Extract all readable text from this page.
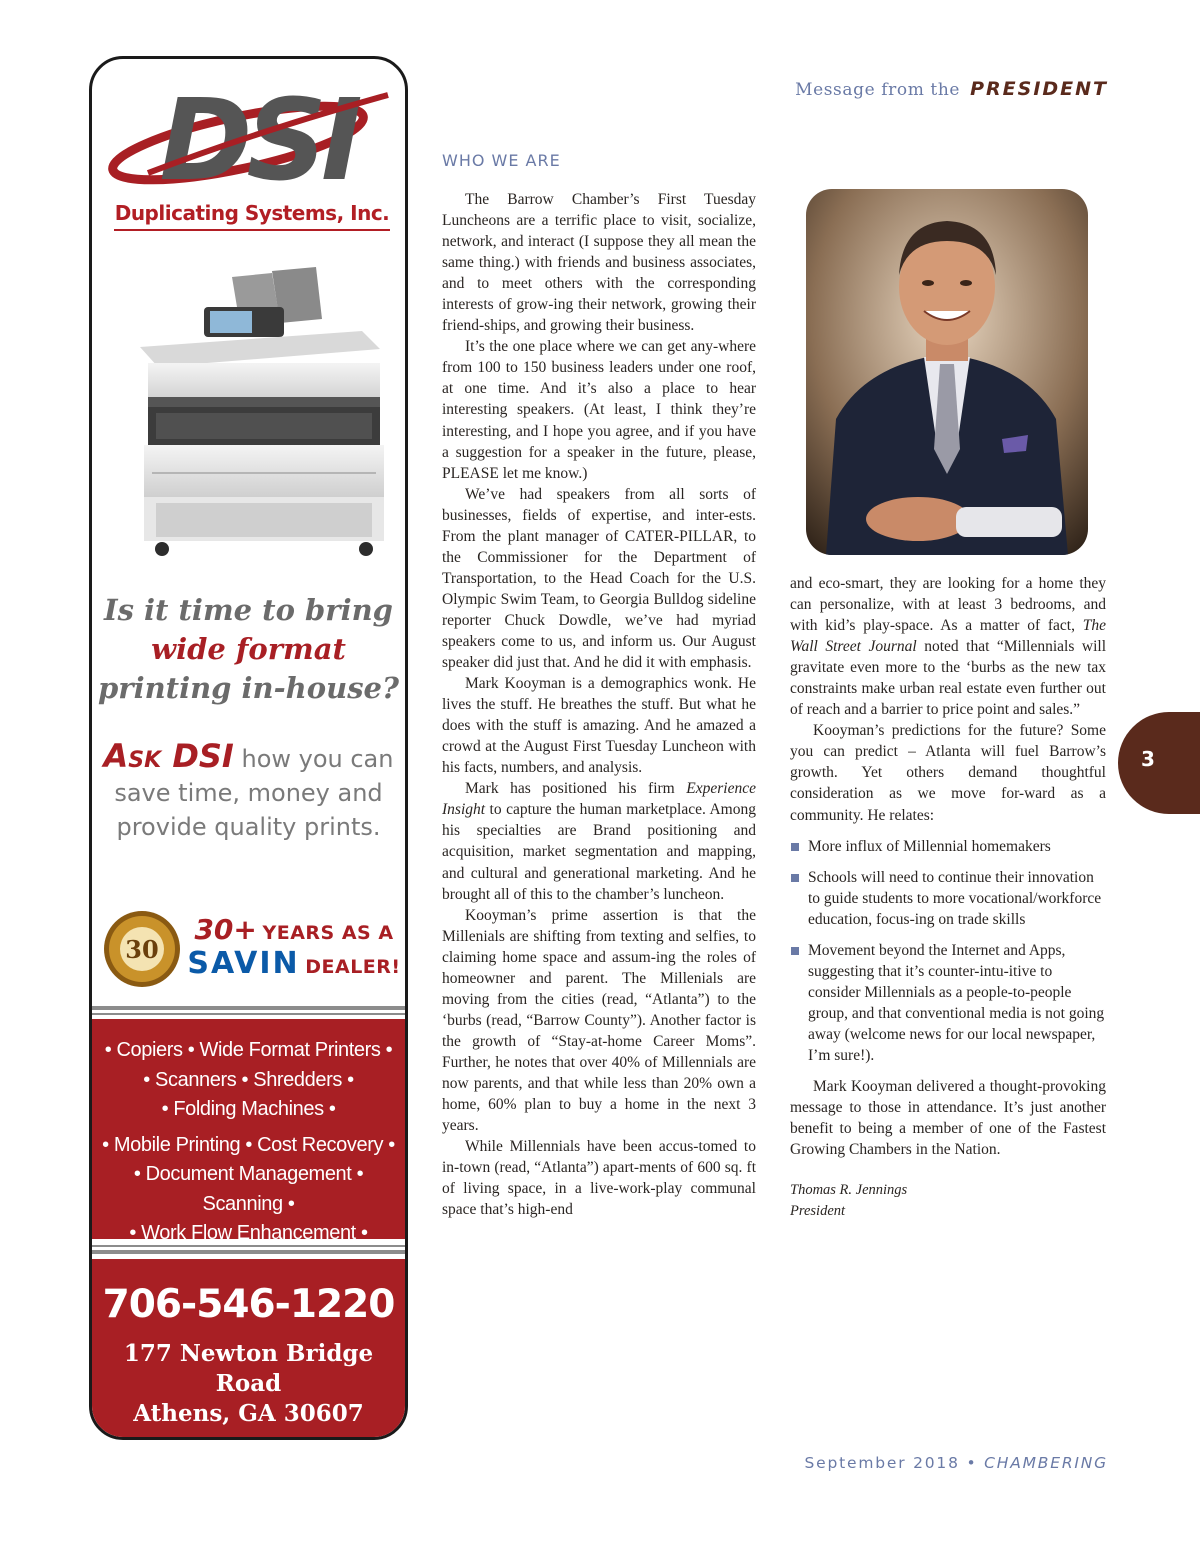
Message from the PRESIDENT
DSI
Duplicating Systems, Inc.
Is it time to bring
wide format
printing in-house?
Ask DSI how you can save time, money and provide quality prints.
30
30+ YEARS AS A
SAVIN DEALER!
• Copiers • Wide Format Printers •
• Scanners • Shredders •
• Folding Machines •
• Mobile Printing • Cost Recovery •
• Document Management • Scanning •
• Work Flow Enhancement •
706-546-1220
177 Newton Bridge Road
Athens, GA 30607
WHO WE ARE

The Barrow Chamber’s First Tuesday Luncheons are a terrific place to visit, socialize, network, and interact (I suppose they all mean the same thing.) with friends and business associates, and to meet others with the corresponding interests of grow-ing their network, growing their friend-ships, and growing their business.

It’s the one place where we can get any-where from 100 to 150 business leaders under one roof, at one time. And it’s also a place to hear interesting speakers. (At least, I think they’re interesting, and I hope you agree, and if you have a suggestion for a speaker in the future, please, PLEASE let me know.)

We’ve had speakers from all sorts of businesses, fields of expertise, and inter-ests. From the plant manager of CATER-PILLAR, to the Commissioner for the Department of Transportation, to the Head Coach for the U.S. Olympic Swim Team, to Georgia Bulldog sideline reporter Chuck Dowdle, we’ve had myriad speakers come to us, and inform us. Our August speaker did just that. And he did it with emphasis.

Mark Kooyman is a demographics wonk. He lives the stuff. He breathes the stuff. But what he does with the stuff is amazing. And he amazed a crowd at the August First Tuesday Luncheon with his facts, numbers, and analysis.

Mark has positioned his firm Experience Insight to capture the human marketplace. Among his specialties are Brand positioning and acquisition, market segmentation and mapping, and cultural and generational marketing. And he brought all of this to the chamber’s luncheon.

Kooyman’s prime assertion is that the Millenials are shifting from texting and selfies, to claiming home space and assum-ing the roles of homeowner and parent. The Millenials are moving from the cities (read, “Atlanta”) to the ‘burbs (read, “Barrow County”). Another factor is the growth of “Stay-at-home Career Moms”. Further, he notes that over 40% of Millennials are now parents, and that while less than 20% own a home, 60% plan to buy a home in the next 3 years.

While Millennials have been accus-tomed to in-town (read, “Atlanta”) apart-ments of 600 sq. ft of living space, in a live-work-play communal space that’s high-end

and eco-smart, they are looking for a home they can personalize, with at least 3 bedrooms, and with kid’s play-space. As a matter of fact, The Wall Street Journal noted that “Millennials will gravitate even more to the ‘burbs as the new tax constraints make urban real estate even further out of reach and a barrier to price point and sales.”

Kooyman’s predictions for the future? Some you can predict – Atlanta will fuel Barrow’s growth. Yet others demand thoughtful consideration as we move for-ward as a community. He relates:

More influx of Millennial homemakers
Schools will need to continue their innovation to guide students to more vocational/workforce education, focus-ing on trade skills
Movement beyond the Internet and Apps, suggesting that it’s counter-intu-itive to consider Millennials as a people-to-people group, and that conventional media is not going away (welcome news for our local newspaper, I’m sure!).

Mark Kooyman delivered a thought-provoking message to those in attendance. It’s just another benefit to being a member of one of the Fastest Growing Chambers in the Nation.

Thomas R. Jennings
President
3
September 2018 • CHAMBERING
